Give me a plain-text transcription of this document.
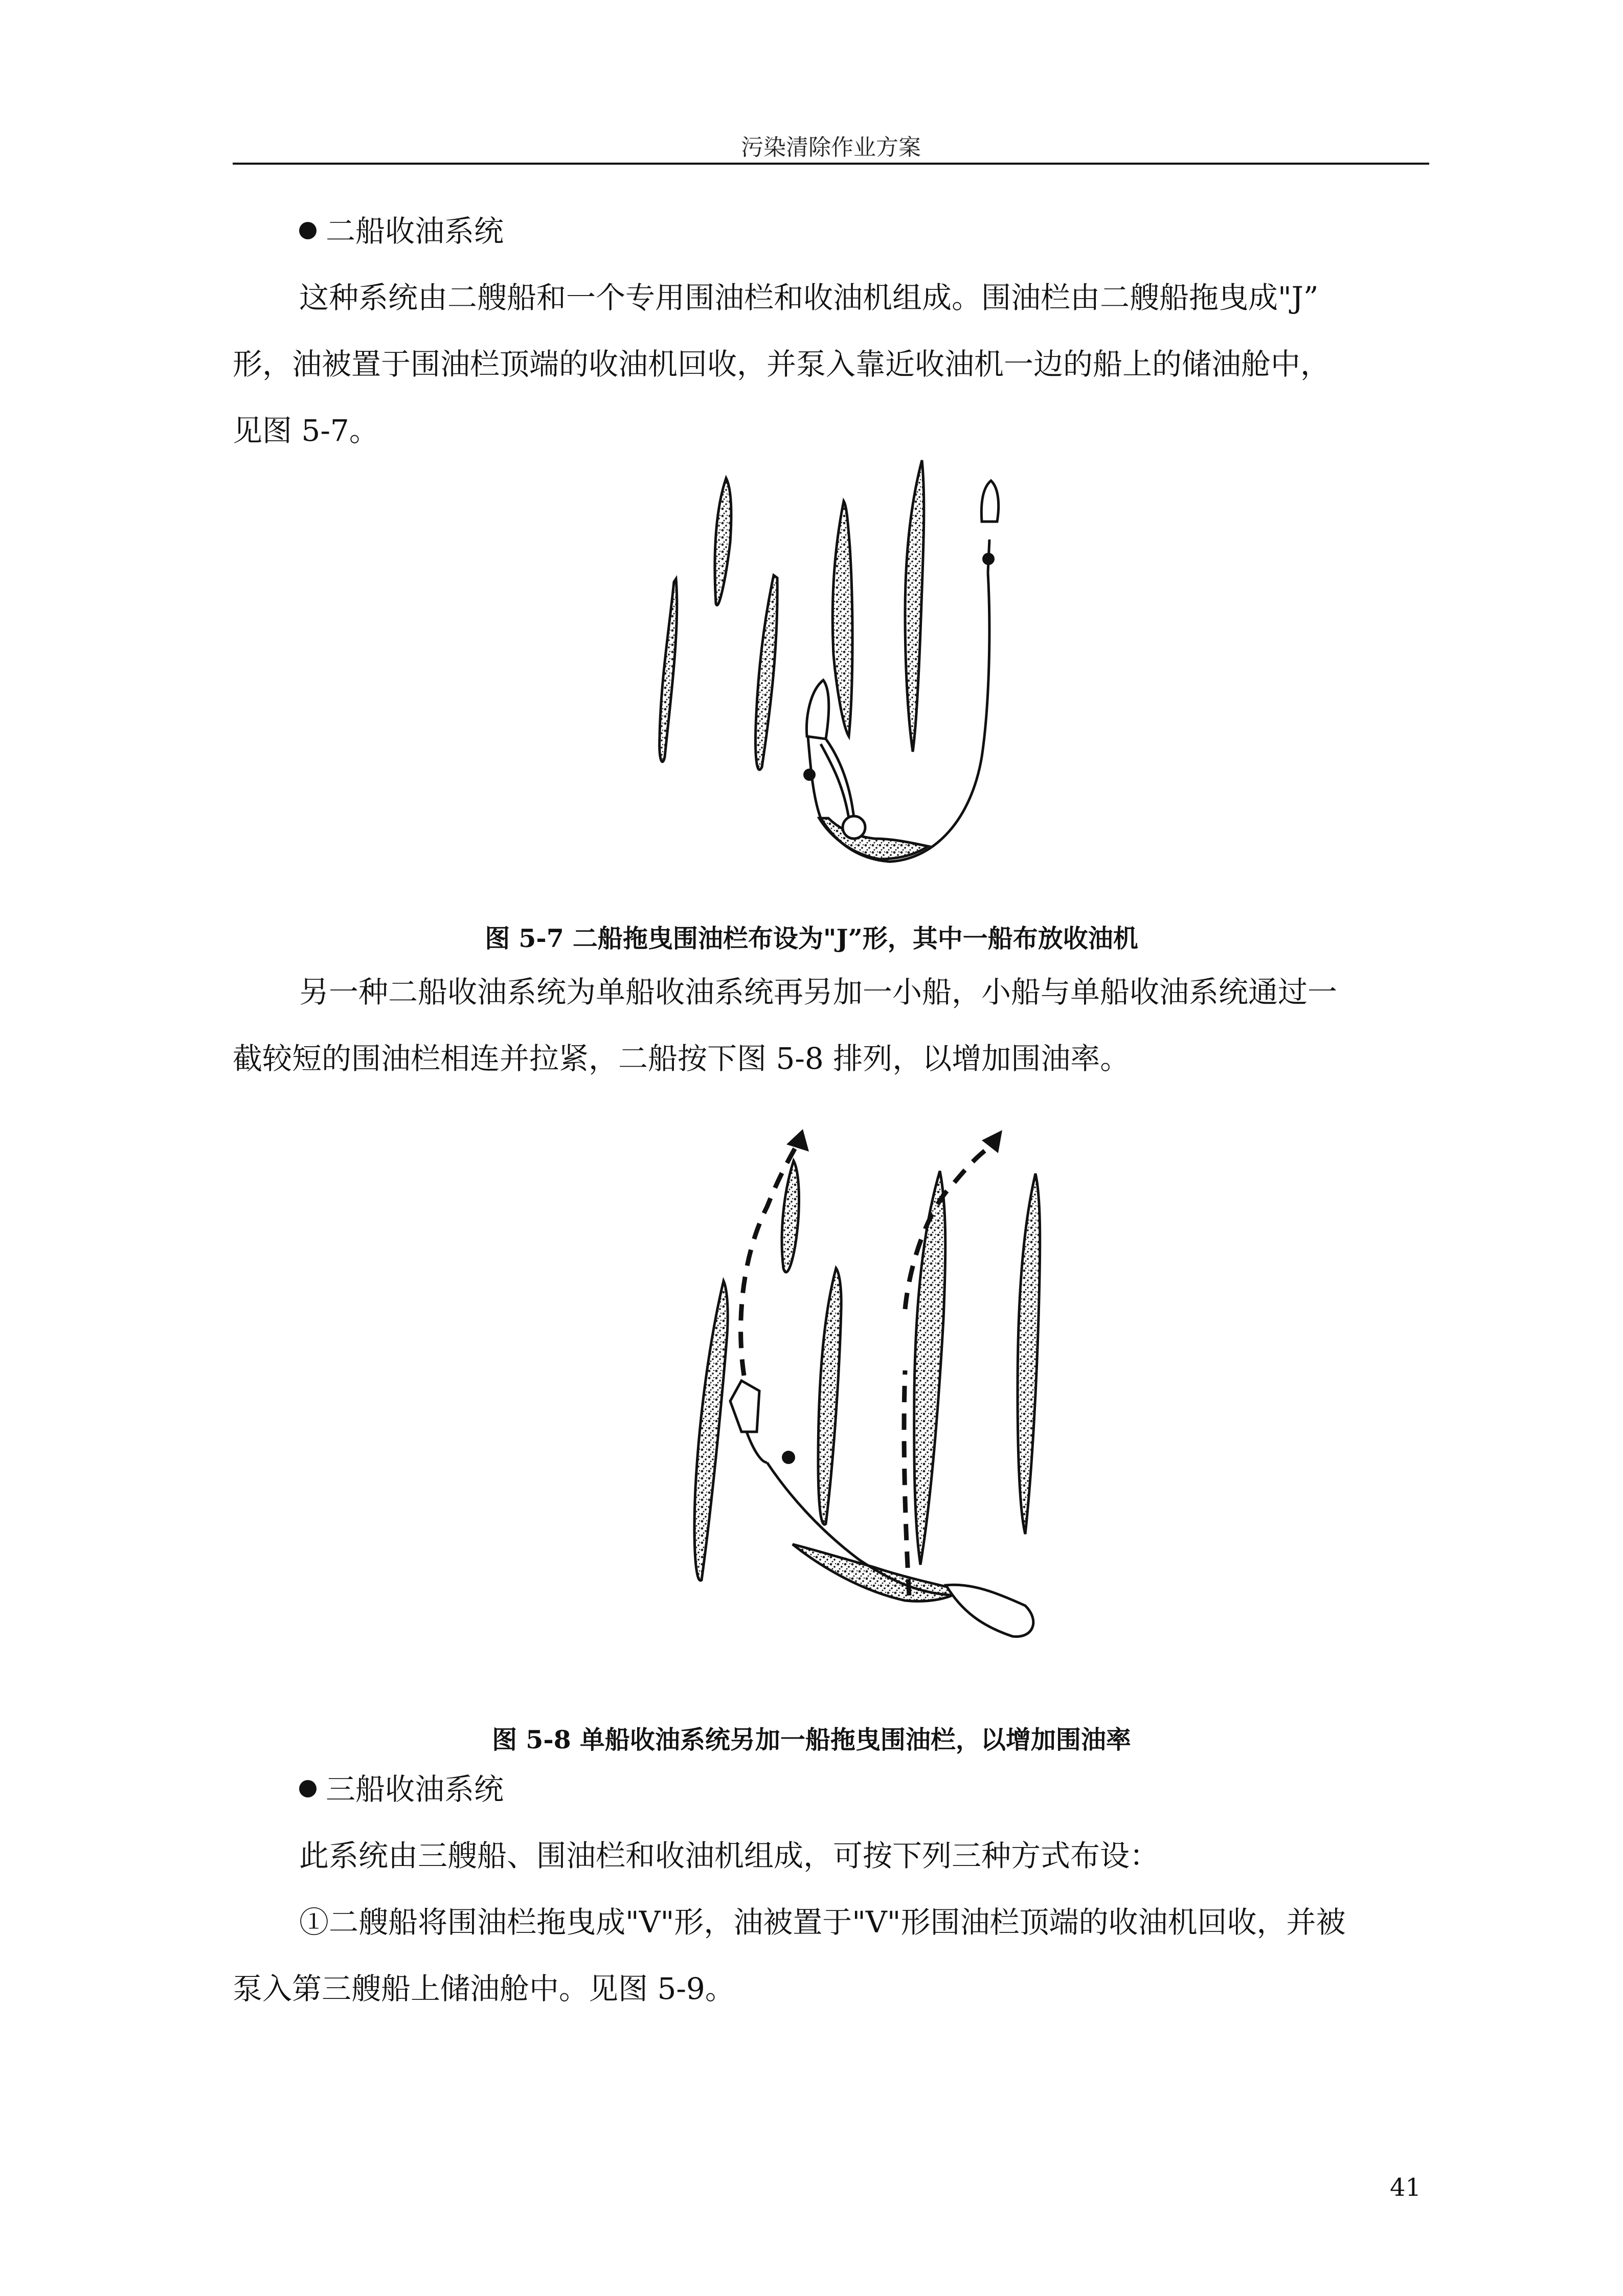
污染清除作业方案
二船收油系统
这种系统由二艘船和一个专用围油栏和收油机组成。围油栏由二艘船拖曳成"J”
形，油被置于围油栏顶端的收油机回收，并泵入靠近收油机一边的船上的储油舱中，
见图 5-7。
图 5-7 二船拖曳围油栏布设为"J”形，其中一船布放收油机
另一种二船收油系统为单船收油系统再另加一小船，小船与单船收油系统通过一
截较短的围油栏相连并拉紧，二船按下图 5-8 排列，以增加围油率。
图 5-8 单船收油系统另加一船拖曳围油栏，以增加围油率
三船收油系统
此系统由三艘船、围油栏和收油机组成，可按下列三种方式布设：
①二艘船将围油栏拖曳成"V"形，油被置于"V"形围油栏顶端的收油机回收，并被
泵入第三艘船上储油舱中。见图 5-9。
41
